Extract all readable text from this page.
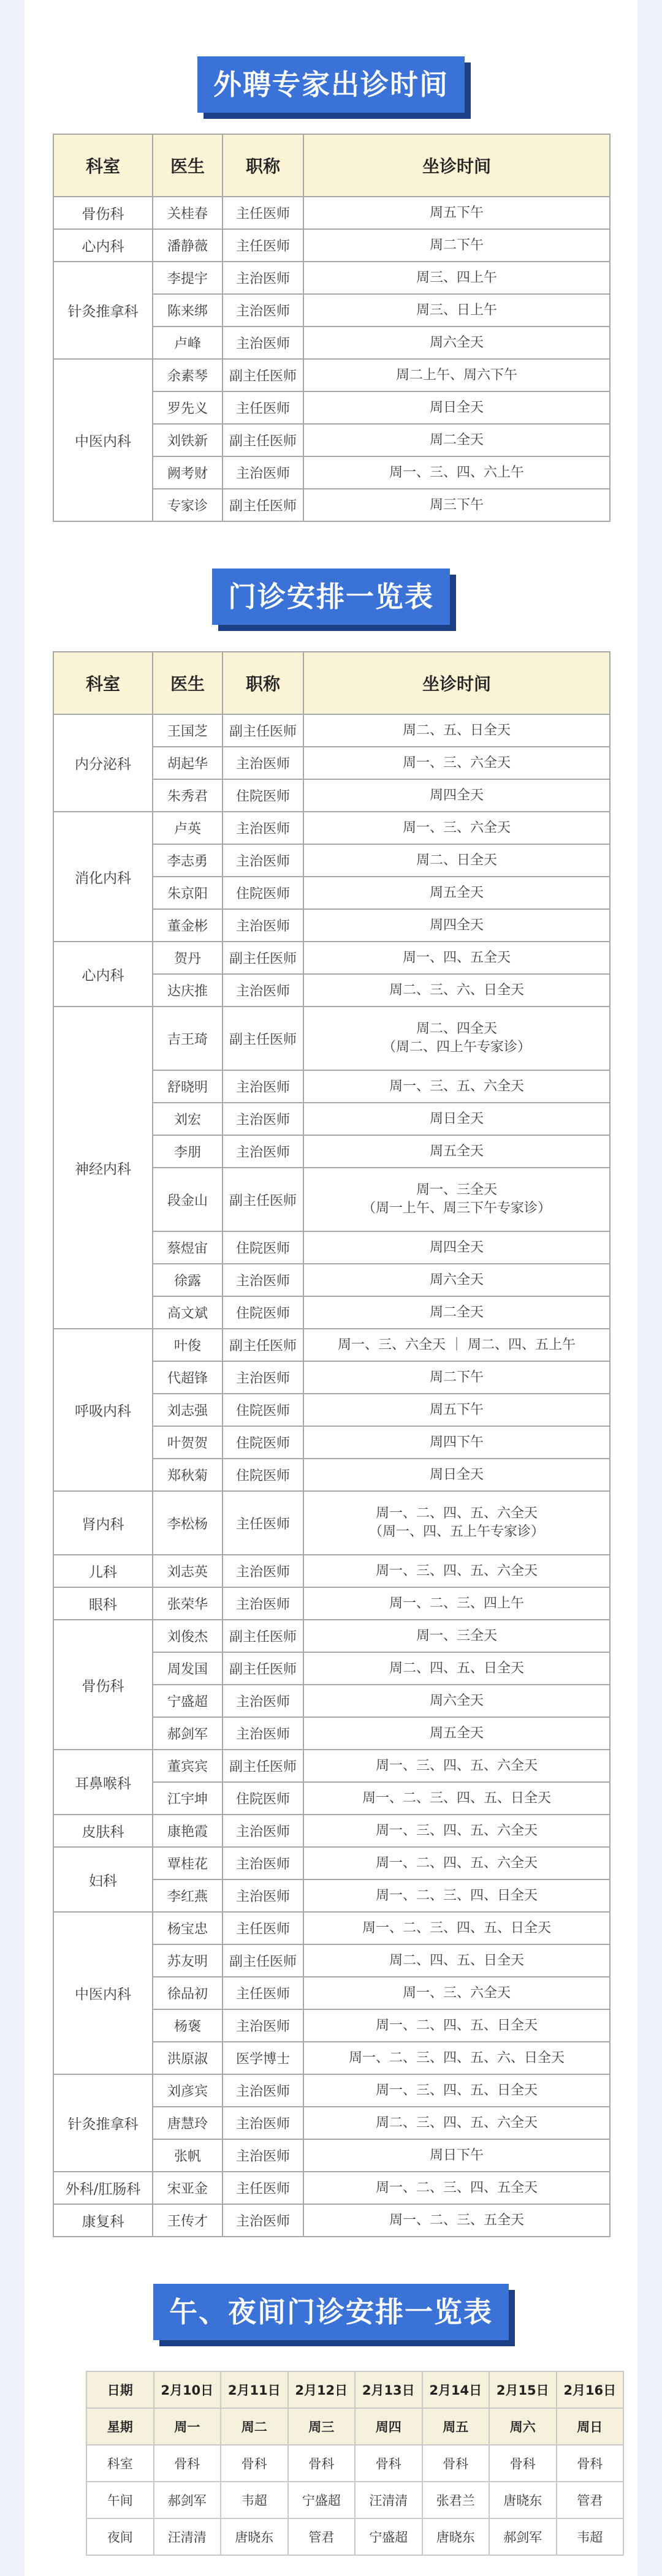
外聘专家出诊时间
科室	医生	职称	坐诊时间
骨伤科	关桂春	主任医师	周五下午

心内科	潘静薇	主任医师	周二下午

针灸推拿科	李提宇	主治医师	周三、四上午

	陈来绑	主治医师	周三、日上午

	卢峰	主治医师	周六全天

中医内科	余素琴	副主任医师	周二上午、周六下午

	罗先义	主任医师	周日全天

	刘铁新	副主任医师	周二全天

	阙考财	主治医师	周一、三、四、六上午

	专家诊	副主任医师	周三下午
门诊安排一览表
科室	医生	职称	坐诊时间
内分泌科	王国芝	副主任医师	周二、五、日全天

	胡起华	主治医师	周一、三、六全天

	朱秀君	住院医师	周四全天

消化内科	卢英	主治医师	周一、三、六全天

	李志勇	主治医师	周二、日全天

	朱京阳	住院医师	周五全天

	董金彬	主治医师	周四全天

心内科	贺丹	副主任医师	周一、四、五全天

	达庆推	主治医师	周二、三、六、日全天

神经内科	吉王琦	副主任医师	周二、四全天
（周二、四上午专家诊）

	舒晓明	主治医师	周一、三、五、六全天

	刘宏	主治医师	周日全天

	李朋	主治医师	周五全天

	段金山	副主任医师	周一、三全天
（周一上午、周三下午专家诊）

	蔡煜宙	住院医师	周四全天

	徐露	主治医师	周六全天

	高文斌	住院医师	周二全天

呼吸内科	叶俊	副主任医师	周一、三、六全天 ｜ 周二、四、五上午

	代超锋	主治医师	周二下午

	刘志强	住院医师	周五下午

	叶贺贺	住院医师	周四下午

	郑秋菊	住院医师	周日全天

肾内科	李松杨	主任医师	周一、二、四、五、六全天
（周一、四、五上午专家诊）

儿科	刘志英	主治医师	周一、三、四、五、六全天

眼科	张荣华	主治医师	周一、二、三、四上午

骨伤科	刘俊杰	副主任医师	周一、三全天

	周发国	副主任医师	周二、四、五、日全天

	宁盛超	主治医师	周六全天

	郝剑军	主治医师	周五全天

耳鼻喉科	董宾宾	副主任医师	周一、三、四、五、六全天

	江宇坤	住院医师	周一、二、三、四、五、日全天

皮肤科	康艳霞	主治医师	周一、三、四、五、六全天

妇科	覃桂花	主治医师	周一、二、四、五、六全天

	李红燕	主治医师	周一、二、三、四、日全天

中医内科	杨宝忠	主任医师	周一、二、三、四、五、日全天

	苏友明	副主任医师	周二、四、五、日全天

	徐品初	主任医师	周一、三、六全天

	杨褒	主治医师	周一、二、四、五、日全天

	洪原淑	医学博士	周一、二、三、四、五、六、日全天

针灸推拿科	刘彦宾	主治医师	周一、三、四、五、日全天

	唐慧玲	主治医师	周二、三、四、五、六全天

	张帆	主治医师	周日下午

外科/肛肠科	宋亚金	主任医师	周一、二、三、四、五全天

康复科	王传才	主治医师	周一、二、三、五全天
午、夜间门诊安排一览表
日期	2月10日	2月11日	2月12日	2月13日	2月14日	2月15日	2月16日
星期	周一	周二	周三	周四	周五	周六	周日
科室	骨科	骨科	骨科	骨科	骨科	骨科	骨科
午间	郝剑军	韦超	宁盛超	汪清清	张君兰	唐晓东	管君
夜间	汪清清	唐晓东	管君	宁盛超	唐晓东	郝剑军	韦超
